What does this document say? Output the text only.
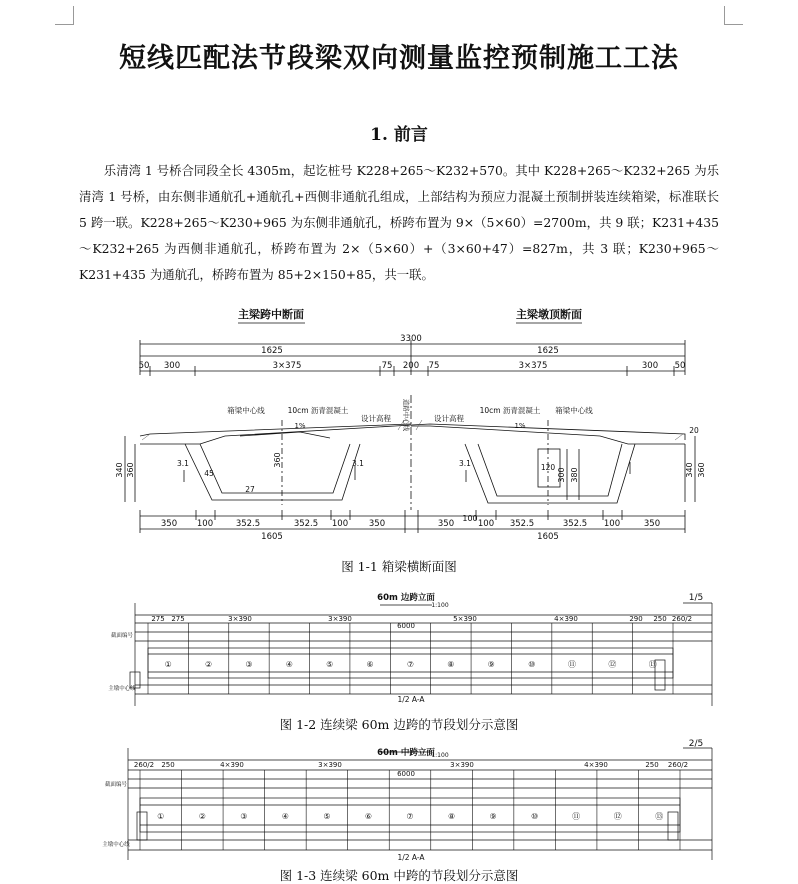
短线匹配法节段梁双向测量监控预制施工工法
1. 前言

乐清湾 1 号桥合同段全长 4305m，起讫桩号 K228+265～K232+570。其中 K228+265～K232+265 为乐清湾 1 号桥，由东侧非通航孔+通航孔+西侧非通航孔组成，上部结构为预应力混凝土预制拼装连续箱梁，标准联长 5 跨一联。K228+265～K230+965 为东侧非通航孔，桥跨布置为 9×（5×60）=2700m，共 9 联；K231+435～K232+265 为西侧非通航孔，桥跨布置为 2×（5×60）+（3×60+47）=827m，共 3 联；K230+965～K231+435 为通航孔，桥跨布置为 85+2×150+85，共一联。

主梁跨中断面	主梁墩顶断面
3300
1625	1625
50 300	3×375	75 200 75	3×375	300 50
箱梁中心线	10cm 沥青混凝土
设计高程	设计高程
10cm 沥青混凝土 箱梁中心线
1%	1%
3.1	3.1	3.1
45
27
120
20
100
350 100	352.5	352.5 100 350	350	100 352.5	352.5 100	350
1605	1605
340 360
360
300 380	340 360
道路中心线
图 1-1 箱梁横断面图
①	②	③	④	⑤	⑥	⑦	⑧	⑨	⑩	⑪	⑫	⑬
60m 边跨立面
1:100
1/5
6000
275 275	3×390	3×390	5×390	4×390	290 250 260/2
截面编号
主墩中心线
1/2 A-A
图 1-2 连续梁 60m 边跨的节段划分示意图
①	②	③	④	⑤	⑥	⑦	⑧	⑨	⑩	⑪	⑫	⑬
60m 中跨立面
1:100
2/5
6000
260/2 250	4×390	3×390	3×390	4×390	250 260/2
截面编号
主墩中心线
1/2 A-A
图 1-3 连续梁 60m 中跨的节段划分示意图
